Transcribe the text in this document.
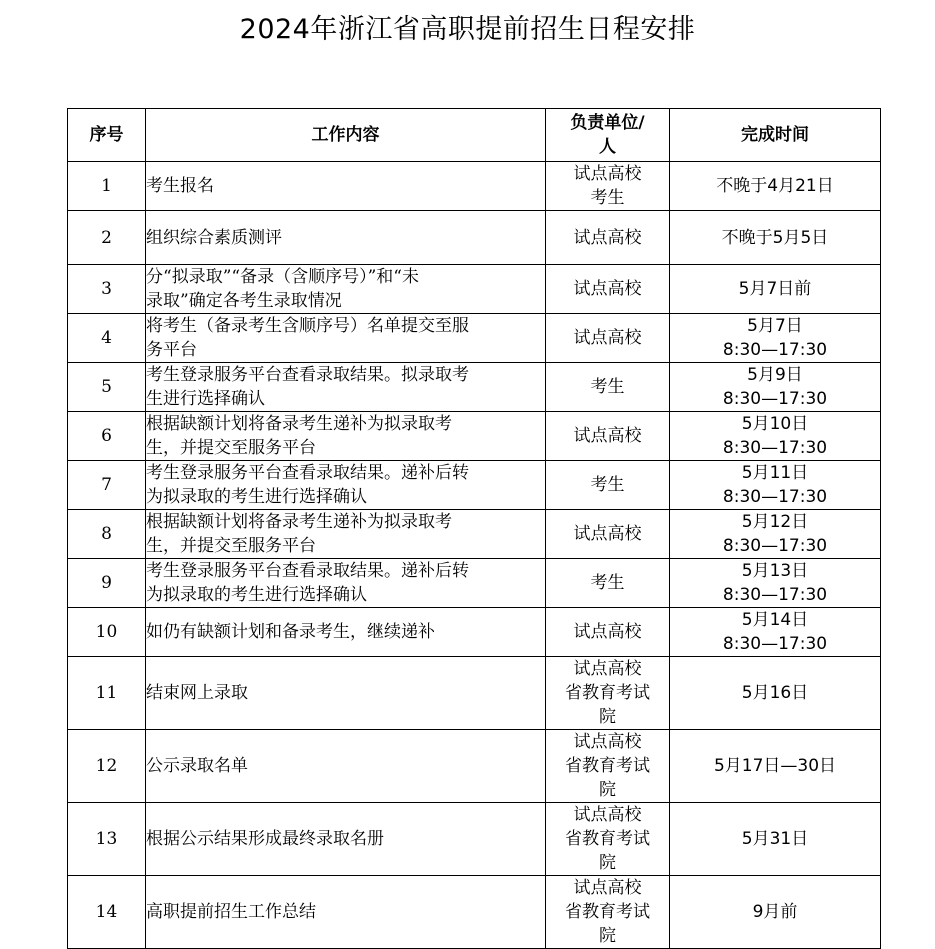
2024年浙江省高职提前招生日程安排
序号	工作内容	负责单位/
人	完成时间
1	考生报名	试点高校
考生	不晚于4月21日

2	组织综合素质测评	试点高校	不晚于5月5日

3	分“拟录取”“备录（含顺序号）”和“未
录取”确定各考生录取情况	试点高校	5月7日前

4	将考生（备录考生含顺序号）名单提交至服
务平台	试点高校	5月7日
8:30—17:30

5	考生登录服务平台查看录取结果。拟录取考
生进行选择确认	考生	5月9日
8:30—17:30

6	根据缺额计划将备录考生递补为拟录取考
生，并提交至服务平台	试点高校	5月10日
8:30—17:30

7	考生登录服务平台查看录取结果。递补后转
为拟录取的考生进行选择确认	考生	5月11日
8:30—17:30

8	根据缺额计划将备录考生递补为拟录取考
生，并提交至服务平台	试点高校	5月12日
8:30—17:30

9	考生登录服务平台查看录取结果。递补后转
为拟录取的考生进行选择确认	考生	5月13日
8:30—17:30

10	如仍有缺额计划和备录考生，继续递补	试点高校	5月14日
8:30—17:30

11	结束网上录取	试点高校
省教育考试
院	5月16日

12	公示录取名单	试点高校
省教育考试
院	5月17日—30日

13	根据公示结果形成最终录取名册	试点高校
省教育考试
院	5月31日

14	高职提前招生工作总结	试点高校
省教育考试
院	9月前
